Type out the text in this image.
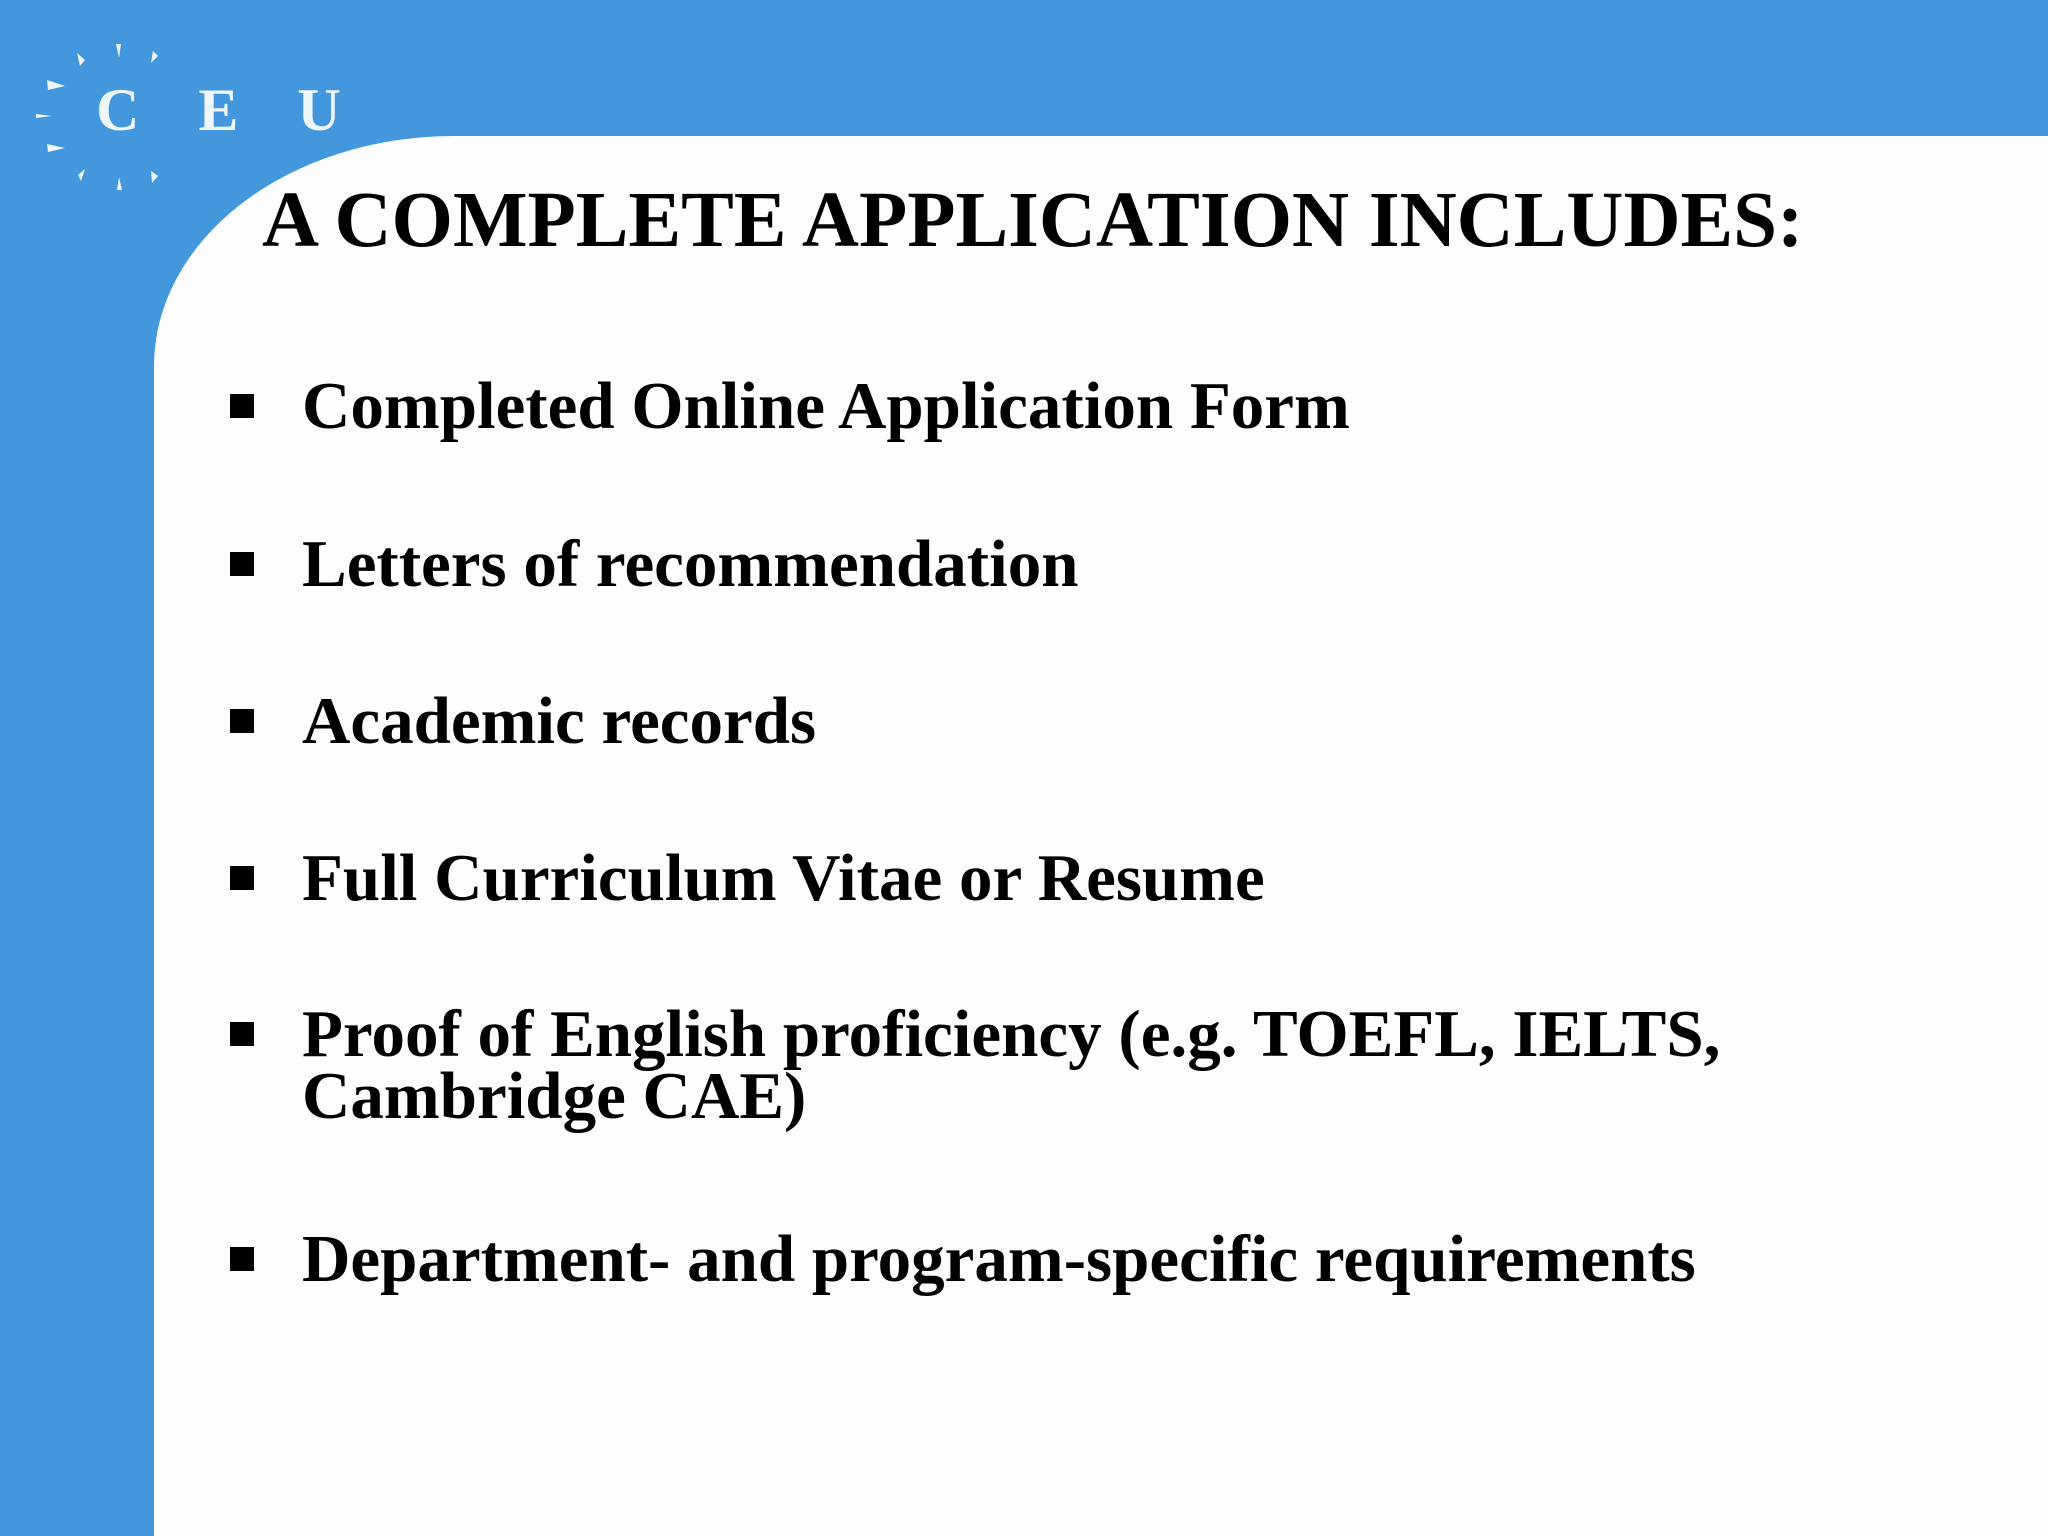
C E U
A COMPLETE APPLICATION INCLUDES:
Completed Online Application Form
Letters of recommendation
Academic records
Full Curriculum Vitae or Resume
Proof of English proficiency (e.g. TOEFL, IELTS,
Cambridge CAE)
Department- and program-specific requirements
